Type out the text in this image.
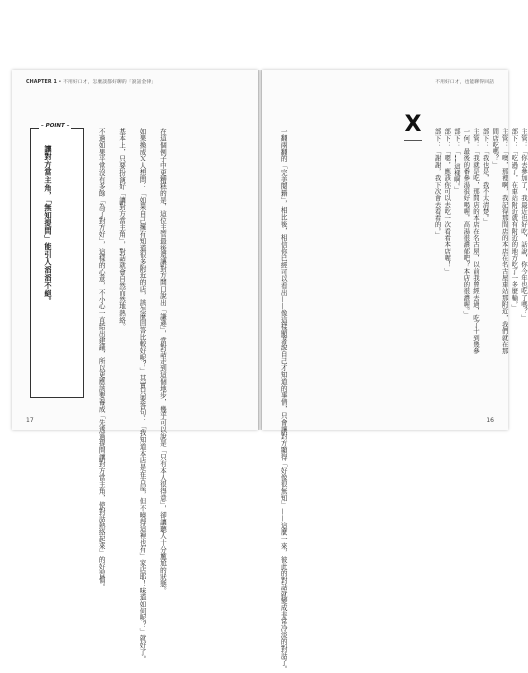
CHAPTER 1 • 不用好口才，怎麼談都好聊的「說話金律」
– POINT –
讓對方當主角，「無知提問」能引人滔滔不絕。	在這個例子中更糟糕的是，這位主管最後還讓對方開口說出「謙遜」，當對話走到這個地步，幾乎可以說是「只有本人很得意」，卻讓聽人十分尷尬的狀態。

如果換成Ｘ人想問：「如果自己擁有知道很多附近的店，該怎麼回答比較好呢？」其實只要答句：「我知道本店是在古屋，但不曉得這裡也有」家店耶！味道如何呢？」就好了。

基本上，只要扮演好「讓對方當主角」，對話就會自然而然地熱絡。

不過如果平常沒有多餘「為了對方好」，這樣的心意，不小心一直給出建議，所以更應該要養成「先透過提問讓對方當主角，使對話熱絡起來」的好習慣。
17
不用好口才，也能聊得回話
X
主管：「你去參加了，我最近也好吃，話說，你今年也吃了嗎？」
部下：「吃過了，在車站附近就有附近的地方吃了一多麼輸，」
主管：「噢，那裡啊，我記得那間店的本店在名古屋車站那附近，我們就在那間店吃嗎？」
部下：「我也是，我不太清楚。」
主管：「我就是吃，那間店的本店在名古屋，以前我曾經去過，吃了十到幾參一何，最後的番參湯很好喝喔，高湯很濃郁吧？本店的很濃喔。」
部下：「……這樣啊。」
部下：「嗯，應該你可以去吃一次看看本店喔！」
部下：「謝謝，我下次會去看看的。」
一翻兩翻的「完美閱籍」，相比後，相信你已經可以看出——像這樣顯著說自己才知道的事情，只會讓對方顯得「好像很無知」——這麼一來，彼此的對話就變成非常冷淡的對話了。	16
